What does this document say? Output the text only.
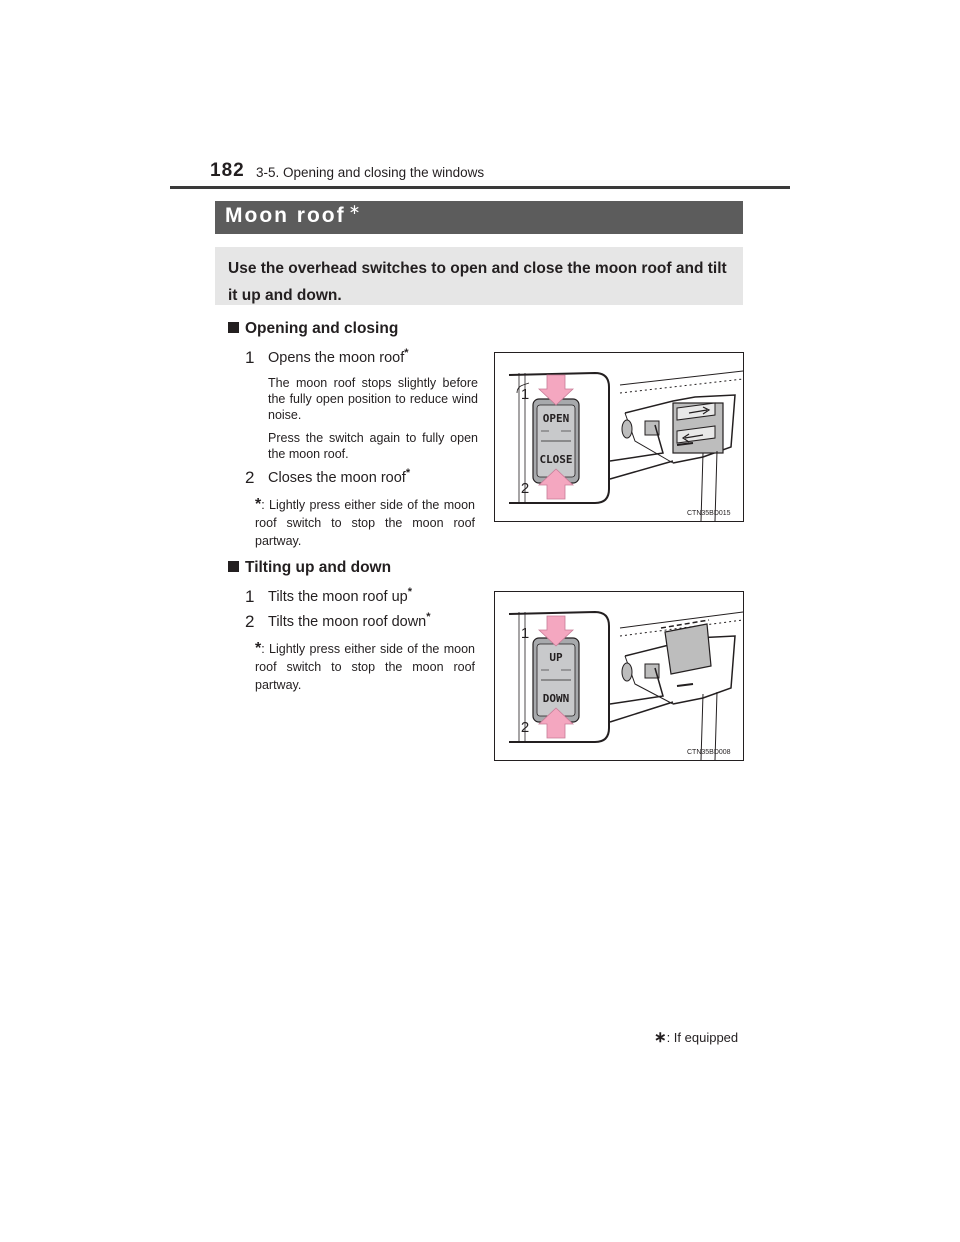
182 3-5. Opening and closing the windows
Moon roof ∗
Use the overhead switches to open and close the moon roof and tilt it up and down.
Opening and closing
1 Opens the moon roof*
The moon roof stops slightly before the fully open position to reduce wind noise.
Press the switch again to fully open the moon roof.
2 Closes the moon roof*
*: Lightly press either side of the moon roof switch to stop the moon roof partway.
OPEN
CLOSE
1
2
CTN35BD015
Tilting up and down
1 Tilts the moon roof up*
2 Tilts the moon roof down*
*: Lightly press either side of the moon roof switch to stop the moon roof partway.
UP
DOWN
1
2
CTN35BD008
∗: If equipped
